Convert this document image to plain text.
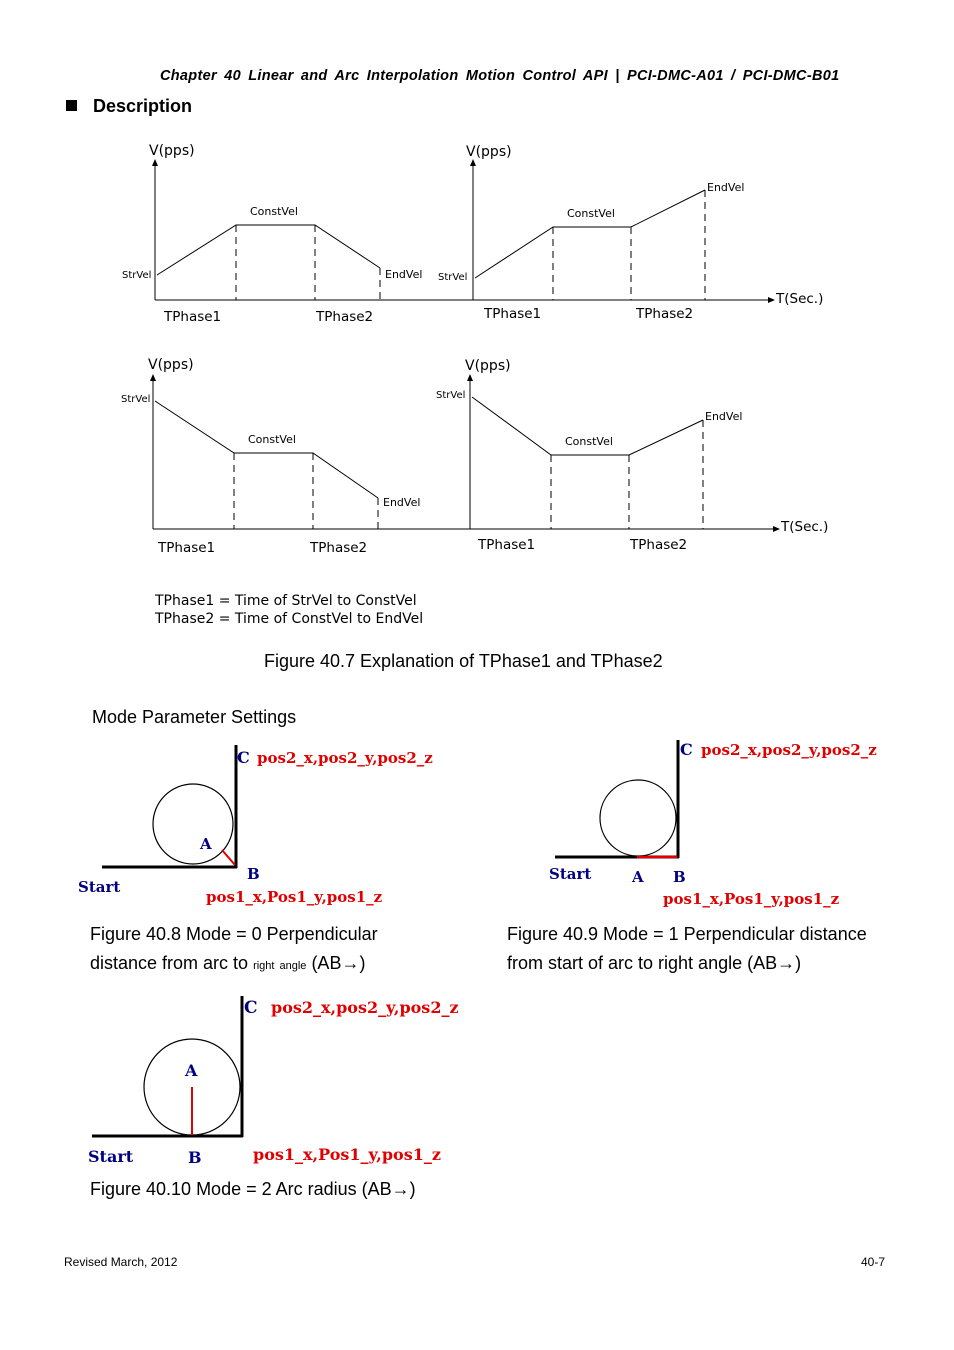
Chapter 40 Linear and Arc Interpolation Motion Control API | PCI-DMC-A01 / PCI-DMC-B01
Description
V(pps)
StrVel
ConstVel
EndVel
TPhase1	TPhase2
V(pps)
StrVel
ConstVel
EndVel
T(Sec.)
TPhase1	TPhase2
V(pps)
StrVel
ConstVel
EndVel
TPhase1	TPhase2
V(pps)
StrVel
ConstVel
EndVel
T(Sec.)
TPhase1	TPhase2
TPhase1 = Time of StrVel to ConstVel
TPhase2 = Time of ConstVel to EndVel
Figure 40.7 Explanation of TPhase1 and TPhase2
Mode Parameter Settings
C pos2_x,pos2_y,pos2_z
A
B
Start
pos1_x,Pos1_y,pos1_z
C pos2_x,pos2_y,pos2_z
Start	A B
pos1_x,Pos1_y,pos1_z
C pos2_x,pos2_y,pos2_z
A
Start	B	pos1_x,Pos1_y,pos1_z
Figure 40.8 Mode = 0 Perpendicular
distance from arc to right angle (AB→)
Figure 40.9 Mode = 1 Perpendicular distance
from start of arc to right angle (AB→)
Figure 40.10 Mode = 2 Arc radius (AB→)
Revised March, 2012	40-7
